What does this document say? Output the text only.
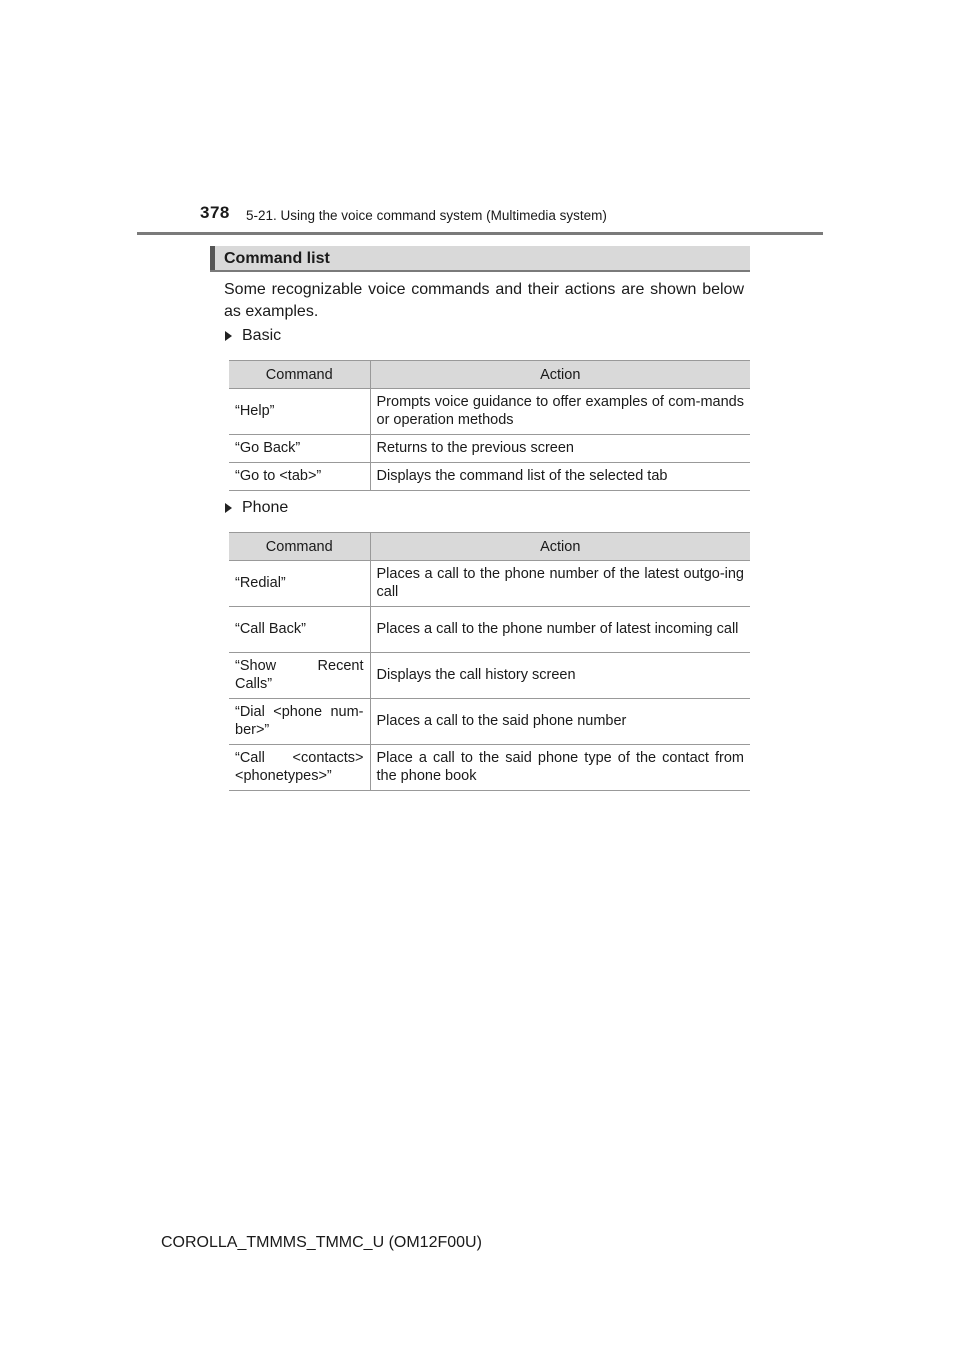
378 5-21. Using the voice command system (Multimedia system)
Command list
Some recognizable voice commands and their actions are shown below as examples.
Basic
Command	Action
“Help”	Prompts voice guidance to offer examples of com-mands or operation methods
“Go Back”	Returns to the previous screen
“Go to <tab>”	Displays the command list of the selected tab
Phone
Command	Action
“Redial”	Places a call to the phone number of the latest outgo-ing call
“Call Back”	Places a call to the phone number of latest incoming call
“Show Recent Calls”	Displays the call history screen
“Dial <phone num-ber>”	Places a call to the said phone number
“Call <contacts> <phonetypes>”	Place a call to the said phone type of the contact from the phone book
COROLLA_TMMMS_TMMC_U (OM12F00U)
